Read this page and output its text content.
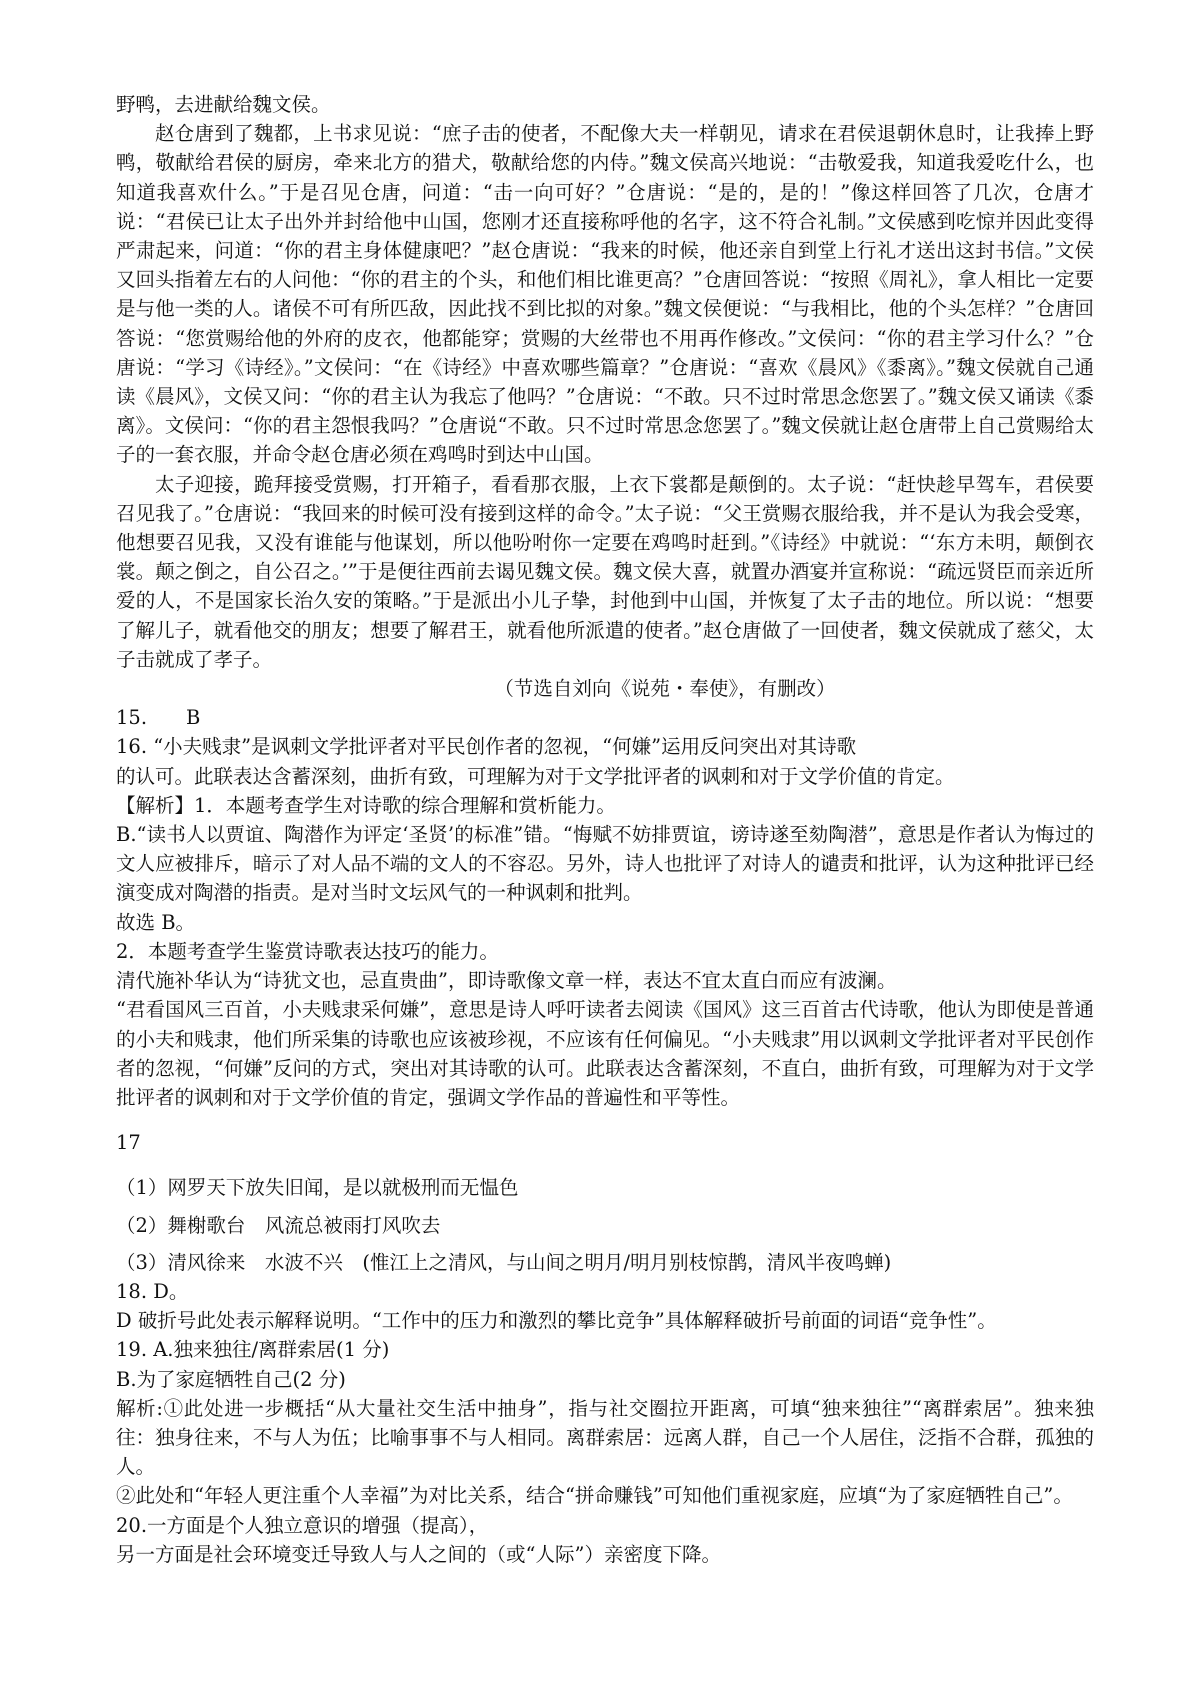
野鸭，去进献给魏文侯。

赵仓唐到了魏都，上书求见说：“庶子击的使者，不配像大夫一样朝见，请求在君侯退朝休息时，让我捧上野鸭，敬献给君侯的厨房，牵来北方的猎犬，敬献给您的内侍。”魏文侯高兴地说：“击敬爱我，知道我爱吃什么，也知道我喜欢什么。”于是召见仓唐，问道：“击一向可好？”仓唐说：“是的，是的！”像这样回答了几次，仓唐才说：“君侯已让太子出外并封给他中山国，您刚才还直接称呼他的名字，这不符合礼制。”文侯感到吃惊并因此变得严肃起来，问道：“你的君主身体健康吧？”赵仓唐说：“我来的时候，他还亲自到堂上行礼才送出这封书信。”文侯又回头指着左右的人问他：“你的君主的个头，和他们相比谁更高？”仓唐回答说：“按照《周礼》，拿人相比一定要是与他一类的人。诸侯不可有所匹敌，因此找不到比拟的对象。”魏文侯便说：“与我相比，他的个头怎样？”仓唐回答说：“您赏赐给他的外府的皮衣，他都能穿；赏赐的大丝带也不用再作修改。”文侯问：“你的君主学习什么？”仓唐说：“学习《诗经》。”文侯问：“在《诗经》中喜欢哪些篇章？”仓唐说：“喜欢《晨风》《黍离》。”魏文侯就自己通读《晨风》，文侯又问：“你的君主认为我忘了他吗？”仓唐说：“不敢。只不过时常思念您罢了。”魏文侯又诵读《黍离》。文侯问：“你的君主怨恨我吗？”仓唐说“不敢。只不过时常思念您罢了。”魏文侯就让赵仓唐带上自己赏赐给太子的一套衣服，并命令赵仓唐必须在鸡鸣时到达中山国。

太子迎接，跪拜接受赏赐，打开箱子，看看那衣服，上衣下裳都是颠倒的。太子说：“赶快趁早驾车，君侯要召见我了。”仓唐说：“我回来的时候可没有接到这样的命令。”太子说：“父王赏赐衣服给我，并不是认为我会受寒，他想要召见我，又没有谁能与他谋划，所以他吩咐你一定要在鸡鸣时赶到。”《诗经》中就说：“‘东方未明，颠倒衣裳。颠之倒之，自公召之。’”于是便往西前去谒见魏文侯。魏文侯大喜，就置办酒宴并宣称说：“疏远贤臣而亲近所爱的人，不是国家长治久安的策略。”于是派出小儿子挚，封他到中山国，并恢复了太子击的地位。所以说：“想要了解儿子，就看他交的朋友；想要了解君王，就看他所派遣的使者。”赵仓唐做了一回使者，魏文侯就成了慈父，太子击就成了孝子。

（节选自刘向《说苑・奉使》，有删改）

15.　　B

16. “小夫贱隶”是讽刺文学批评者对平民创作者的忽视，“何嫌”运用反问突出对其诗歌

的认可。此联表达含蓄深刻，曲折有致，可理解为对于文学批评者的讽刺和对于文学价值的肯定。

【解析】1．本题考查学生对诗歌的综合理解和赏析能力。

B.“读书人以贾谊、陶潜作为评定‘圣贤’的标准”错。“悔赋不妨排贾谊，谤诗遂至劾陶潜”，意思是作者认为悔过的文人应被排斥，暗示了对人品不端的文人的不容忍。另外，诗人也批评了对诗人的谴责和批评，认为这种批评已经演变成对陶潜的指责。是对当时文坛风气的一种讽刺和批判。

故选 B。

2．本题考查学生鉴赏诗歌表达技巧的能力。

清代施补华认为“诗犹文也，忌直贵曲”，即诗歌像文章一样，表达不宜太直白而应有波澜。

“君看国风三百首，小夫贱隶采何嫌”，意思是诗人呼吁读者去阅读《国风》这三百首古代诗歌，他认为即使是普通的小夫和贱隶，他们所采集的诗歌也应该被珍视，不应该有任何偏见。“小夫贱隶”用以讽刺文学批评者对平民创作者的忽视，“何嫌”反问的方式，突出对其诗歌的认可。此联表达含蓄深刻，不直白，曲折有致，可理解为对于文学批评者的讽刺和对于文学价值的肯定，强调文学作品的普遍性和平等性。

17

（1）网罗天下放失旧闻，是以就极刑而无愠色

（2）舞榭歌台　风流总被雨打风吹去

（3）清风徐来　水波不兴　(惟江上之清风，与山间之明月/明月别枝惊鹊，清风半夜鸣蝉)

18. D。

D 破折号此处表示解释说明。“工作中的压力和激烈的攀比竞争”具体解释破折号前面的词语“竞争性”。

19. A.独来独往/离群索居(1 分)

B.为了家庭牺牲自己(2 分)

解析:①此处进一步概括“从大量社交生活中抽身”，指与社交圈拉开距离，可填“独来独往”“离群索居”。独来独往：独身往来，不与人为伍；比喻事事不与人相同。离群索居：远离人群，自己一个人居住，泛指不合群，孤独的人。

②此处和“年轻人更注重个人幸福”为对比关系，结合“拼命赚钱”可知他们重视家庭，应填“为了家庭牺牲自己”。

20.一方面是个人独立意识的增强（提高），

另一方面是社会环境变迁导致人与人之间的（或“人际”）亲密度下降。
